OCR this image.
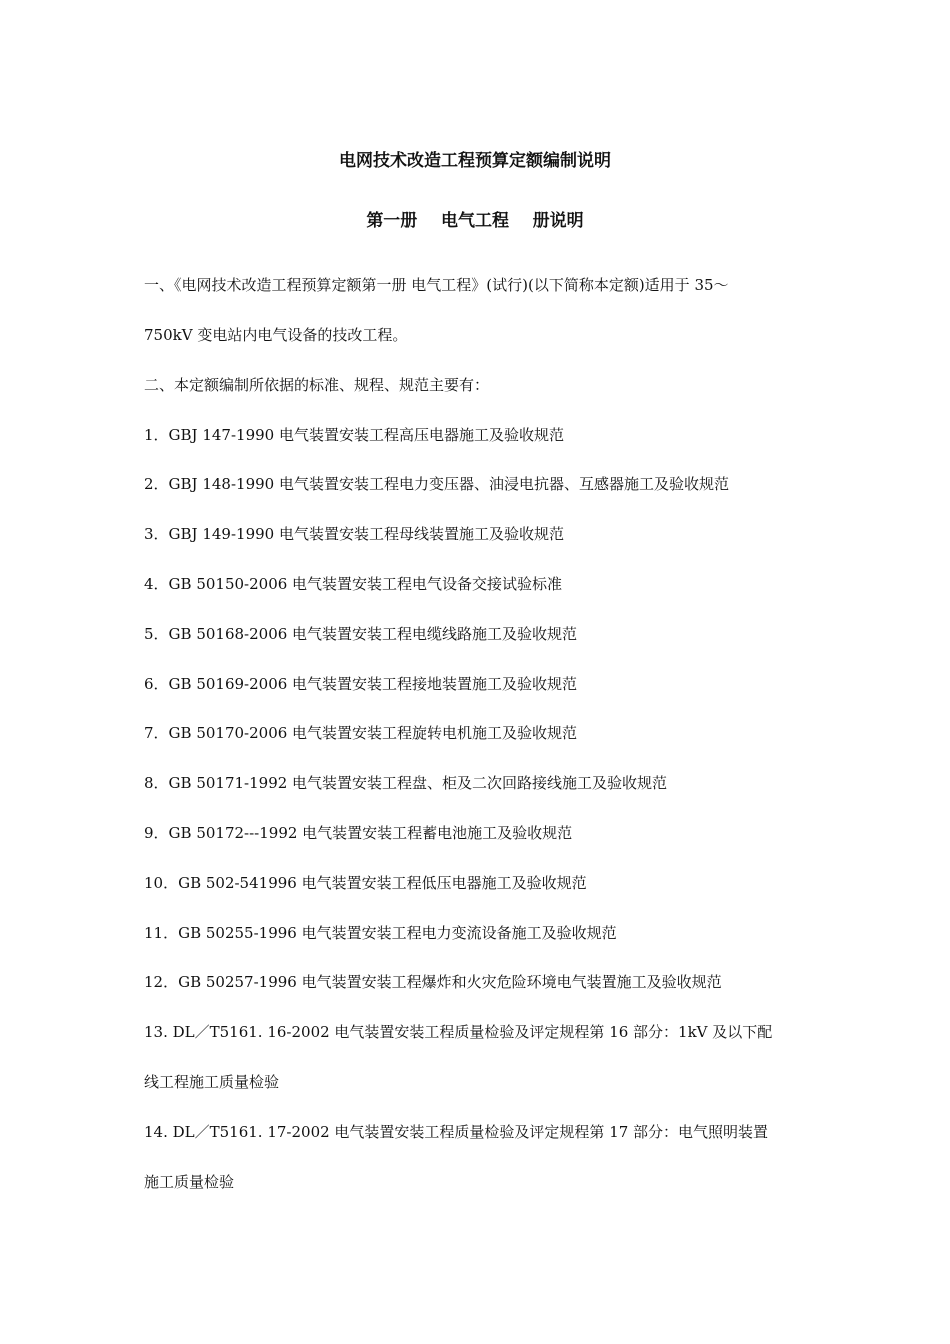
电网技术改造工程预算定额编制说明
第一册    电气工程    册说明
一、《电网技术改造工程预算定额第一册 电气工程》(试行)(以下简称本定额)适用于 35～
750kV 变电站内电气设备的技改工程。
二、本定额编制所依据的标准、规程、规范主要有：
1．GBJ 147-1990 电气装置安装工程高压电器施工及验收规范
2．GBJ 148-1990 电气装置安装工程电力变压器、油浸电抗器、互感器施工及验收规范
3．GBJ 149-1990 电气装置安装工程母线装置施工及验收规范
4．GB 50150-2006 电气装置安装工程电气设备交接试验标准
5．GB 50168-2006 电气装置安装工程电缆线路施工及验收规范
6．GB 50169-2006 电气装置安装工程接地装置施工及验收规范
7．GB 50170-2006 电气装置安装工程旋转电机施工及验收规范
8．GB 50171-1992 电气装置安装工程盘、柜及二次回路接线施工及验收规范
9．GB 50172---1992 电气装置安装工程蓄电池施工及验收规范
10．GB 502-541996 电气装置安装工程低压电器施工及验收规范
11．GB 50255-1996 电气装置安装工程电力变流设备施工及验收规范
12．GB 50257-1996 电气装置安装工程爆炸和火灾危险环境电气装置施工及验收规范
13. DL／T5161. 16-2002 电气装置安装工程质量检验及评定规程第 16 部分：1kV 及以下配
线工程施工质量检验
14. DL／T5161. 17-2002 电气装置安装工程质量检验及评定规程第 17 部分：电气照明装置
施工质量检验
